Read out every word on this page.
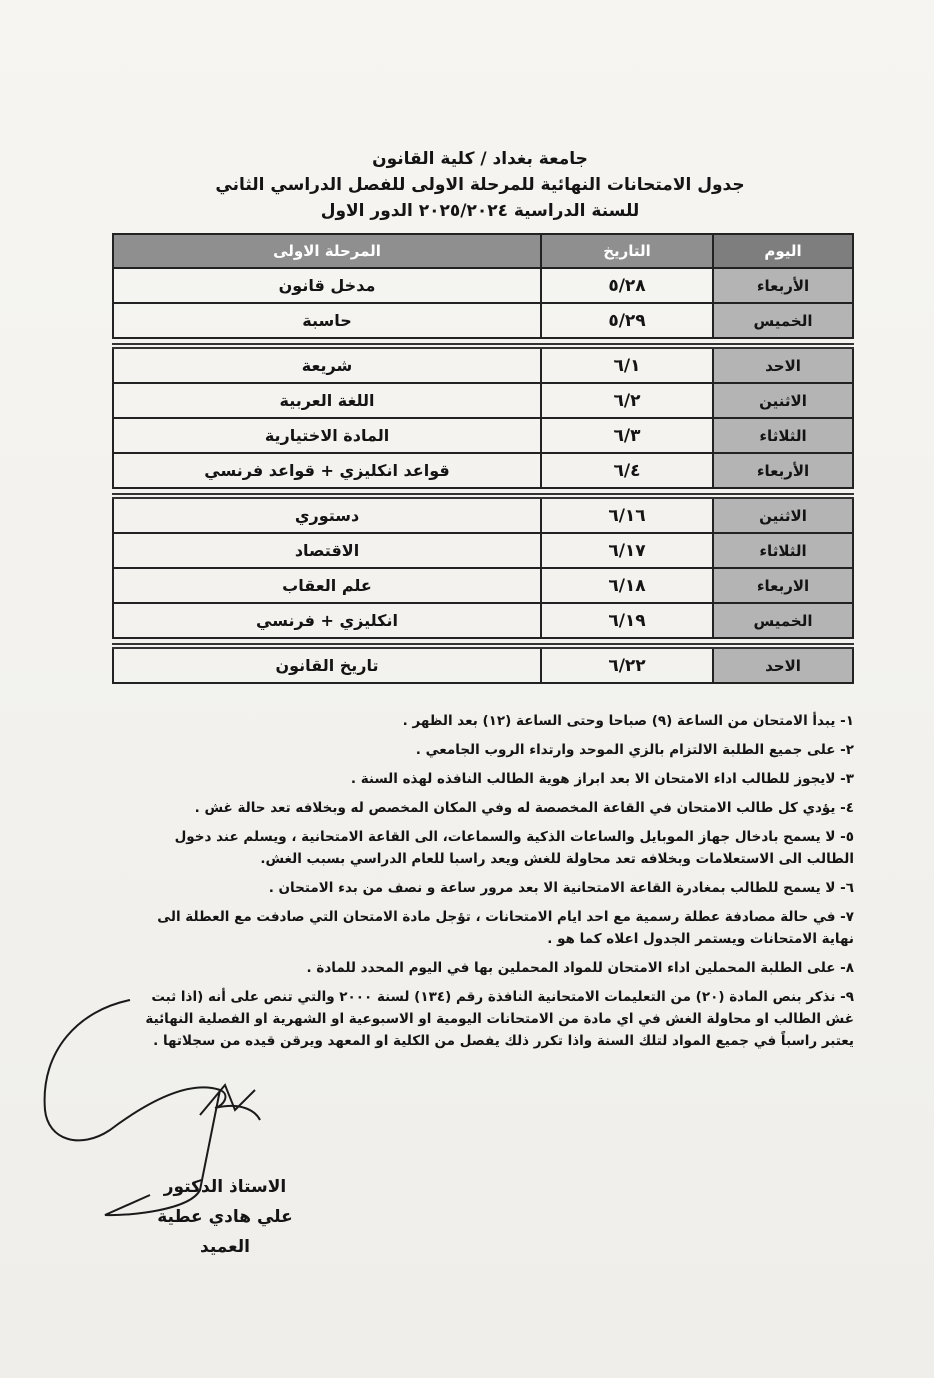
جامعة بغداد / كلية القانون
جدول الامتحانات النهائية للمرحلة الاولى للفصل الدراسي الثاني
للسنة الدراسية ٢٠٢٥/٢٠٢٤ الدور الاول
اليوم
التاريخ
المرحلة الاولى
الأربعاء
٥/٢٨
مدخل قانون
الخميس
٥/٢٩
حاسبة
الاحد
٦/١
شريعة
الاثنين
٦/٢
اللغة العربية
الثلاثاء
٦/٣
المادة الاختيارية
الأربعاء
٦/٤
قواعد انكليزي + قواعد فرنسي
الاثنين
٦/١٦
دستوري
الثلاثاء
٦/١٧
الاقتصاد
الاربعاء
٦/١٨
علم العقاب
الخميس
٦/١٩
انكليزي + فرنسي
الاحد
٦/٢٢
تاريخ القانون

١- يبدأ الامتحان من الساعة (٩) صباحا وحتى الساعة (١٢) بعد الظهر .

٢- على جميع الطلبة الالتزام بالزي الموحد وارتداء الروب الجامعي .

٣- لايجوز للطالب اداء الامتحان الا بعد ابراز هوية الطالب النافذه لهذه السنة .

٤- يؤدي كل طالب الامتحان في القاعة المخصصة له وفي المكان المخصص له وبخلافه تعد حالة غش .

٥- لا يسمح بادخال جهاز الموبايل والساعات الذكية والسماعات، الى القاعة الامتحانية ، ويسلم عند دخول الطالب الى الاستعلامات وبخلافه تعد محاولة للغش ويعد راسبا للعام الدراسي بسبب الغش.

٦- لا يسمح للطالب بمغادرة القاعة الامتحانية الا بعد مرور ساعة و نصف من بدء الامتحان .

٧- في حالة مصادفة عطلة رسمية مع احد ايام الامتحانات ، تؤجل مادة الامتحان التي صادفت مع العطلة الى نهاية الامتحانات ويستمر الجدول اعلاه كما هو .

٨- على الطلبة المحملين اداء الامتحان للمواد المحملين بها في اليوم المحدد للمادة .

٩- نذكر بنص المادة (٢٠) من التعليمات الامتحانية النافذة رقم (١٣٤) لسنة ٢٠٠٠ والتي تنص على أنه (اذا ثبت غش الطالب او محاولة الغش في اي مادة من الامتحانات اليومية او الاسبوعية او الشهرية او الفصلية النهائية يعتبر راسباً في جميع المواد لتلك السنة واذا تكرر ذلك يفصل من الكلية او المعهد ويرقن قيده من سجلاتها .

الاستاذ الدكتور
علي هادي عطية
العميد
